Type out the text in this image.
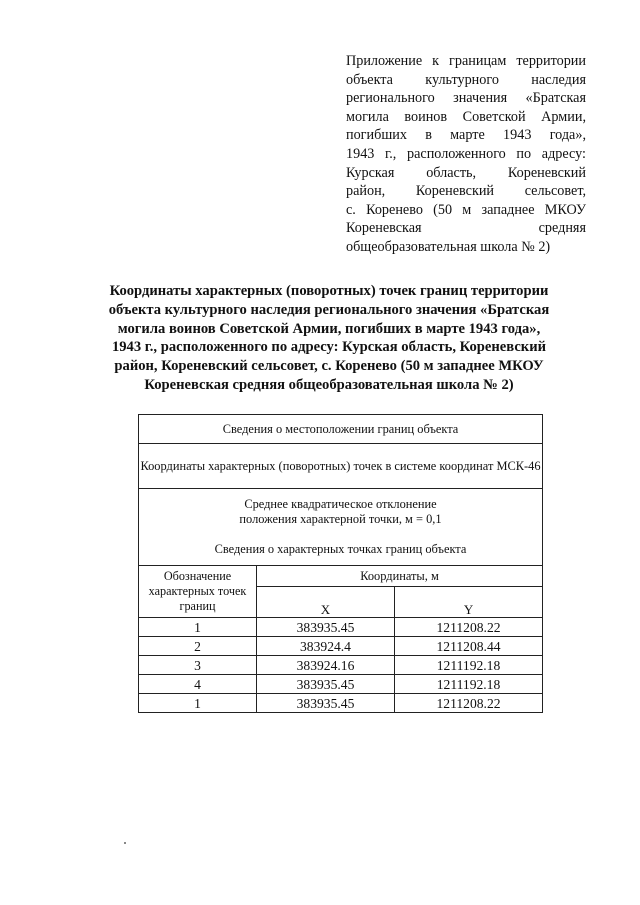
Приложение к границам территории
объекта культурного наследия
регионального значения «Братская
могила воинов Советской Армии,
погибших в марте 1943 года»,
1943 г., расположенного по адресу:
Курская область, Кореневский
район, Кореневский сельсовет,
с. Коренево (50 м западнее МКОУ
Кореневская средняя
общеобразовательная школа № 2)
Координаты характерных (поворотных) точек границ территории
объекта культурного наследия регионального значения «Братская
могила воинов Советской Армии, погибших в марте 1943 года»,
1943 г., расположенного по адресу: Курская область, Кореневский
район, Кореневский сельсовет, с. Коренево (50 м западнее МКОУ
Кореневская средняя общеобразовательная школа № 2)
Сведения о местоположении границ объекта		
Координаты характерных (поворотных) точек в системе координат МСК-46		

Среднее квадратическое отклонение
положения характерной точки, м = 0,1
Сведения о характерных точках границ объекта		

Обозначение характерных точек границ	Координаты, м	
	X	Y
1	383935.45	1211208.22
2	383924.4	1211208.44
3	383924.16	1211192.18
4	383935.45	1211192.18
1	383935.45	1211208.22
